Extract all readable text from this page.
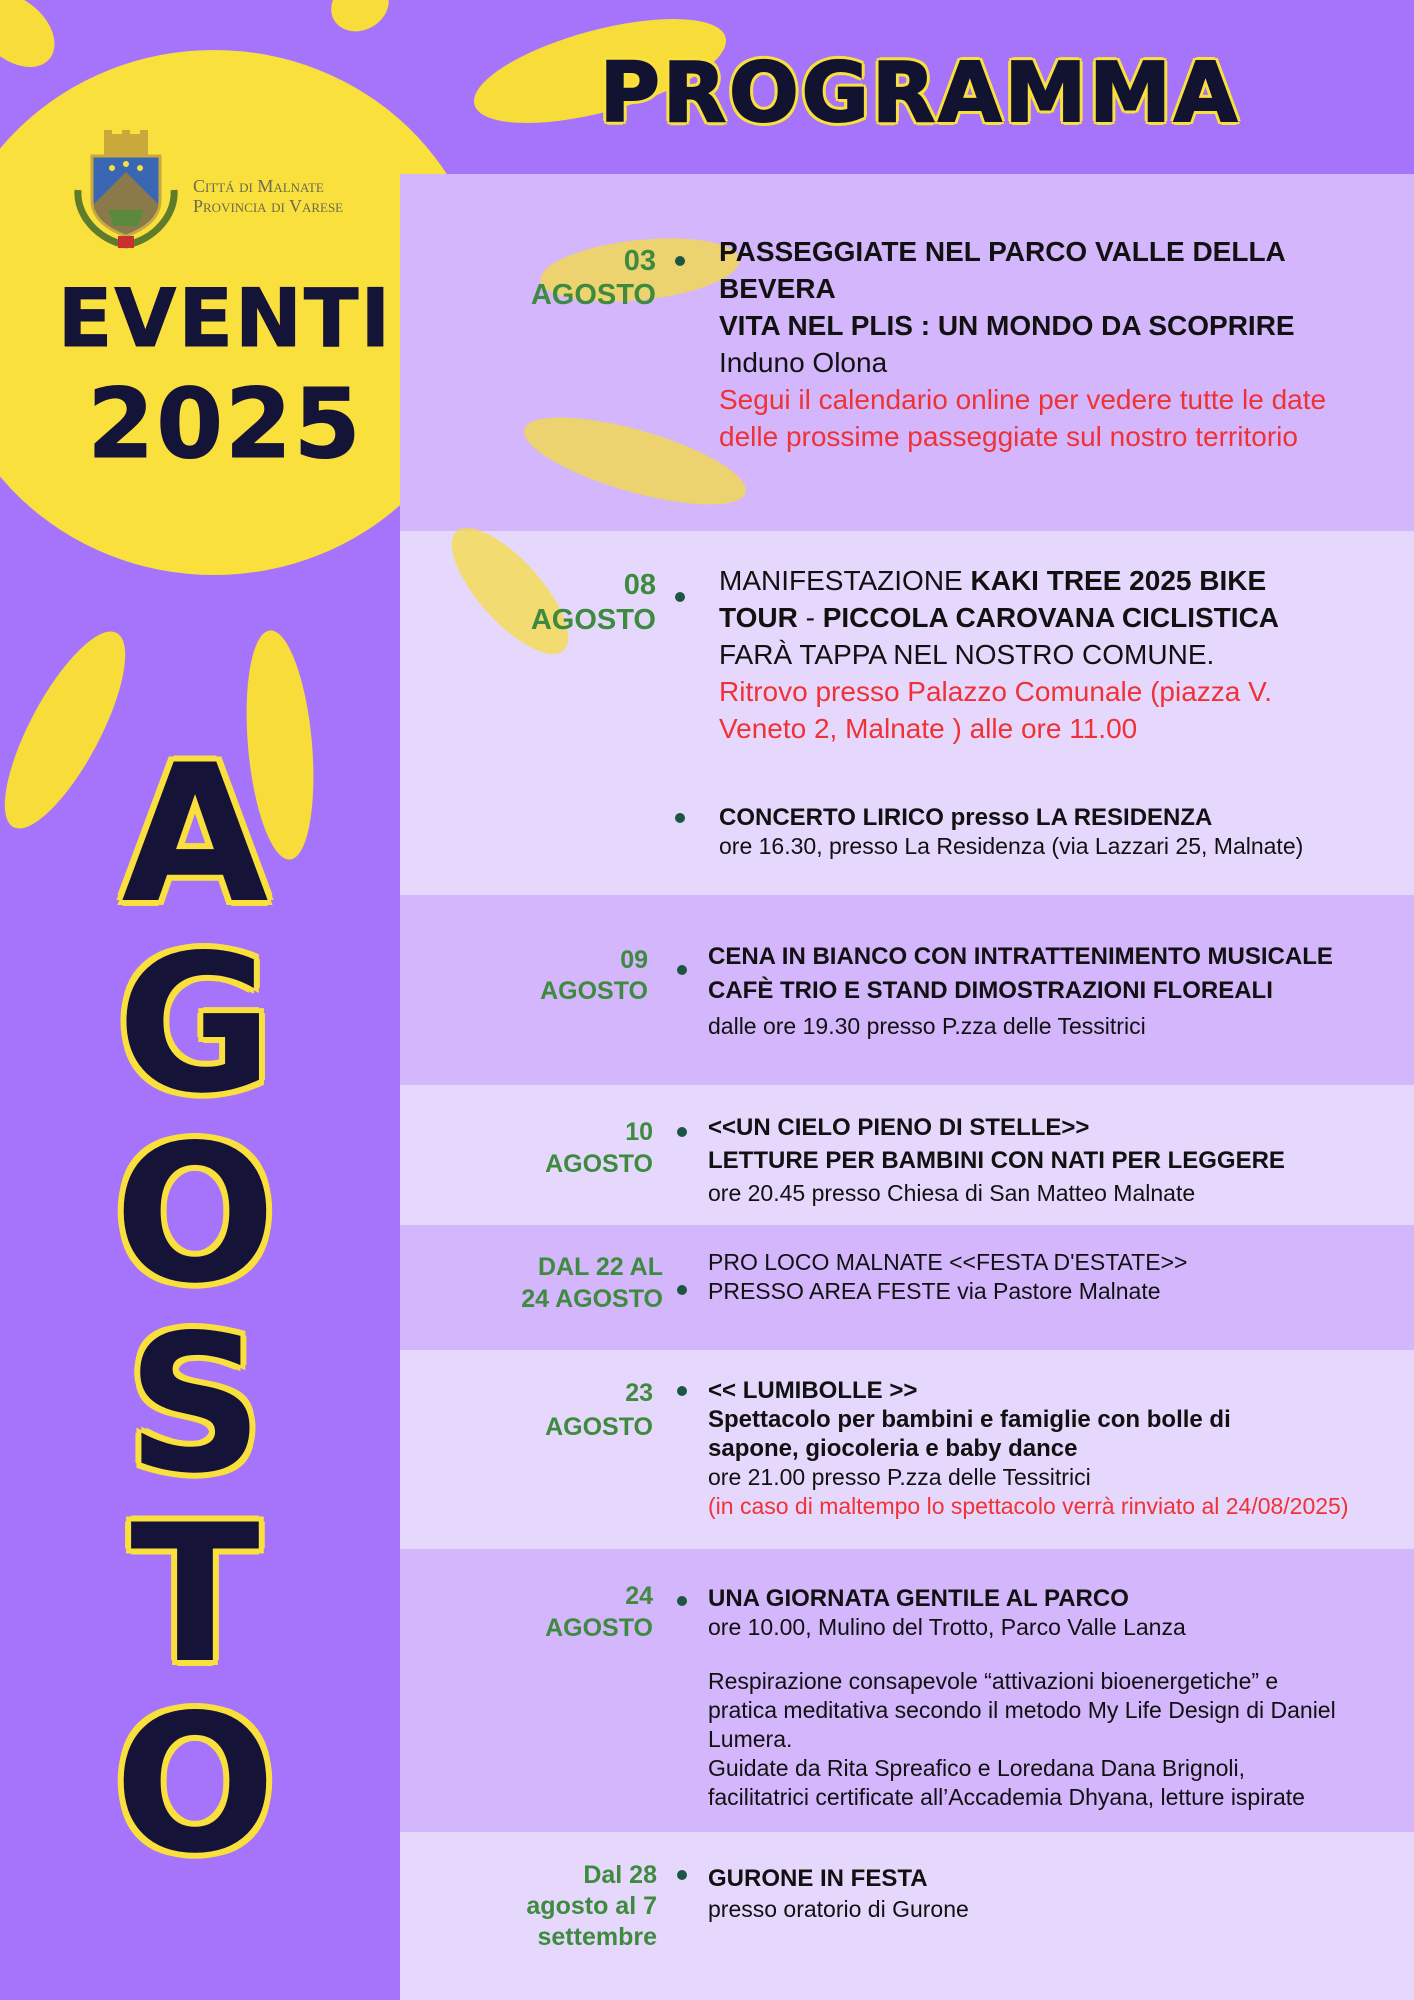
Cittá di Malnate
Provincia di Varese
EVENTI
2025
PROGRAMMA
A
G
O
S
T
O
03
AGOSTO
PASSEGGIATE NEL PARCO VALLE DELLA
BEVERA
VITA NEL PLIS : UN MONDO DA SCOPRIRE
Induno Olona
Segui il calendario online per vedere tutte le date
delle prossime passeggiate sul nostro territorio
08
AGOSTO
MANIFESTAZIONE KAKI TREE 2025 BIKE
TOUR - PICCOLA CAROVANA CICLISTICA
FARÀ TAPPA NEL NOSTRO COMUNE.
Ritrovo presso Palazzo Comunale (piazza V.
Veneto 2, Malnate ) alle ore 11.00
CONCERTO LIRICO presso LA RESIDENZA
ore 16.30, presso La Residenza (via Lazzari 25, Malnate)
09
AGOSTO
CENA IN BIANCO CON INTRATTENIMENTO MUSICALE
CAFÈ TRIO E STAND DIMOSTRAZIONI FLOREALI
dalle ore 19.30 presso P.zza delle Tessitrici
10
AGOSTO
<<UN CIELO PIENO DI STELLE>>
LETTURE PER BAMBINI CON NATI PER LEGGERE
ore 20.45 presso Chiesa di San Matteo Malnate
DAL 22 AL
24 AGOSTO
PRO LOCO MALNATE <<FESTA D'ESTATE>>
PRESSO AREA FESTE via Pastore Malnate
23
AGOSTO
<< LUMIBOLLE >>
Spettacolo per bambini e famiglie con bolle di
sapone, giocoleria e baby dance
ore 21.00 presso P.zza delle Tessitrici
(in caso di maltempo lo spettacolo verrà rinviato al 24/08/2025)
24
AGOSTO
UNA GIORNATA GENTILE AL PARCO
ore 10.00, Mulino del Trotto, Parco Valle Lanza
Respirazione consapevole “attivazioni bioenergetiche” e
pratica meditativa secondo il metodo My Life Design di Daniel
Lumera.
Guidate da Rita Spreafico e Loredana Dana Brignoli,
facilitatrici certificate all’Accademia Dhyana, letture ispirate
Dal 28
agosto al 7
settembre
GURONE IN FESTA
presso oratorio di Gurone
